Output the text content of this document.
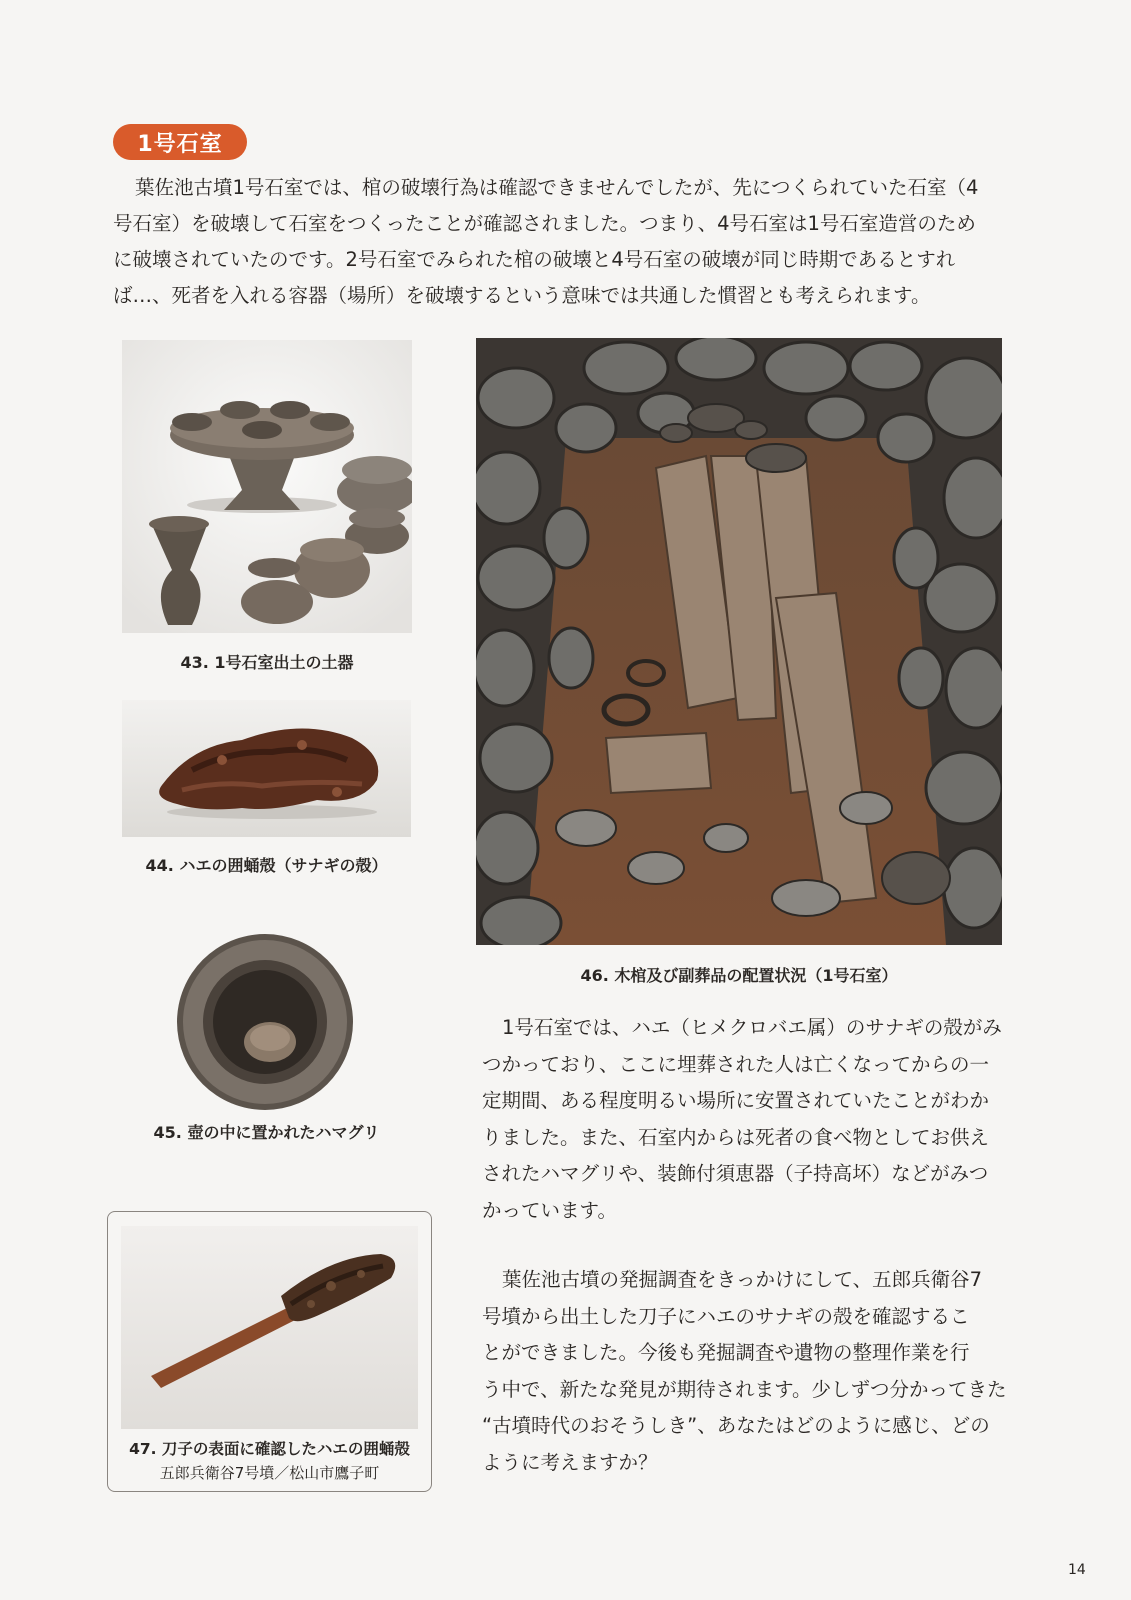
1号石室

葉佐池古墳1号石室では、棺の破壊行為は確認できませんでしたが、先につくられていた石室（4
号石室）を破壊して石室をつくったことが確認されました。つまり、4号石室は1号石室造営のため
に破壊されていたのです。2号石室でみられた棺の破壊と4号石室の破壊が同じ時期であるとすれ
ば…、死者を入れる容器（場所）を破壊するという意味では共通した慣習とも考えられます。

43. 1号石室出土の土器

44. ハエの囲蛹殻（サナギの殻）

45. 壺の中に置かれたハマグリ

46. 木棺及び副葬品の配置状況（1号石室）

1号石室では、ハエ（ヒメクロバエ属）のサナギの殻がみ
つかっており、ここに埋葬された人は亡くなってからの一
定期間、ある程度明るい場所に安置されていたことがわか
りました。また、石室内からは死者の食べ物としてお供え
されたハマグリや、装飾付須恵器（子持高坏）などがみつ
かっています。

葉佐池古墳の発掘調査をきっかけにして、五郎兵衛谷7
号墳から出土した刀子にハエのサナギの殻を確認するこ
とができました。今後も発掘調査や遺物の整理作業を行
う中で、新たな発見が期待されます。少しずつ分かってきた
“古墳時代のおそうしき”、あなたはどのように感じ、どの
ように考えますか？

47. 刀子の表面に確認したハエの囲蛹殻

五郎兵衛谷7号墳／松山市鷹子町

14
